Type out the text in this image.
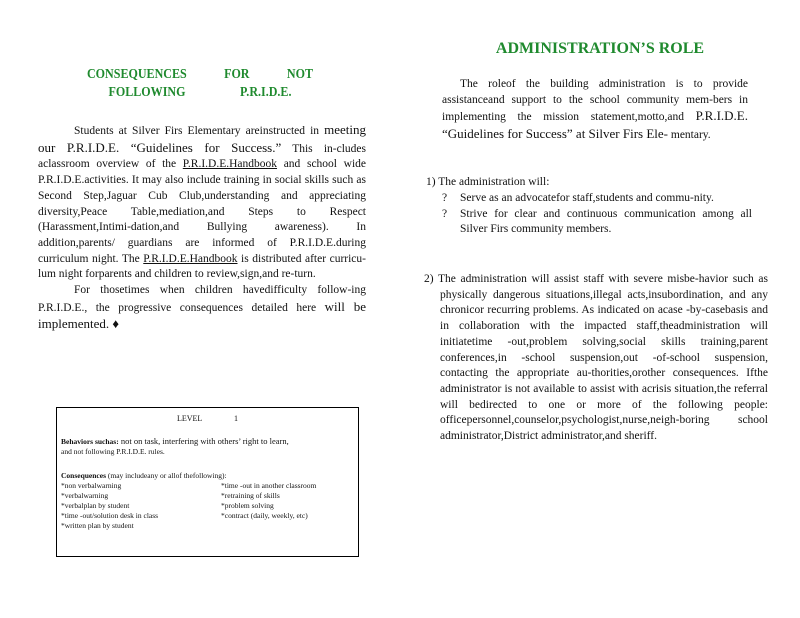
CONSEQUENCES FOR NOT
FOLLOWING P.R.I.D.E.

Students at Silver Firs Elementary areinstructed in meeting our P.R.I.D.E. “Guidelines for Success.” This in-cludes aclassroom overview of the P.R.I.D.E.Handbook and school wide P.R.I.D.E.activities. It may also include training in social skills such as Second Step,Jaguar Cub Club,understanding and appreciating diversity,Peace Table,mediation,and Steps to Respect (Harassment,Intimi-dation,and Bullying awareness). In addition,parents/ guardians are informed of P.R.I.D.E.during curriculum night. The P.R.I.D.E.Handbook is distributed after curricu-lum night forparents and children to review,sign,and re-turn.

For thosetimes when children havedifficulty follow-ing P.R.I.D.E., the progressive consequences detailed here will be implemented. ♦

LEVEL 1

Behaviors suchas: not on task, interfering with others’ right to learn,
and not following P.R.I.D.E. rules.

Consequences (may includeany or allof thefollowing):

*non verbalwarning	*time -out in another classroom
*verbalwarning	*retraining of skills
*verbalplan by student	*problem solving
*time -out/solution desk in class	*contract (daily, weekly, etc)
*written plan by student
ADMINISTRATION’S ROLE

The roleof the building administration is to provide assistanceand support to the school community mem-bers in implementing the mission statement,motto,and P.R.I.D.E. “Guidelines for Success” at Silver Firs Ele- mentary.

1) The administration will:

?	Serve as an advocatefor staff,students and commu-nity.
?	Strive for clear and continuous communication among all Silver Firs community members.

2) The administration will assist staff with severe misbe-havior such as physically dangerous situations,illegal acts,insubordination, and any chronicor recurring problems. As indicated on acase -by-casebasis and in collaboration with the impacted staff,theadministration will initiatetime -out,problem solving,social skills training,parent conferences,in -school suspension,out -of-school suspension, contacting the appropriate au-thorities,orother consequences. Ifthe administrator is not available to assist with acrisis situation,the referral will bedirected to one or more of the following people: officepersonnel,counselor,psychologist,nurse,neigh-boring school administrator,District administrator,and sheriff.
